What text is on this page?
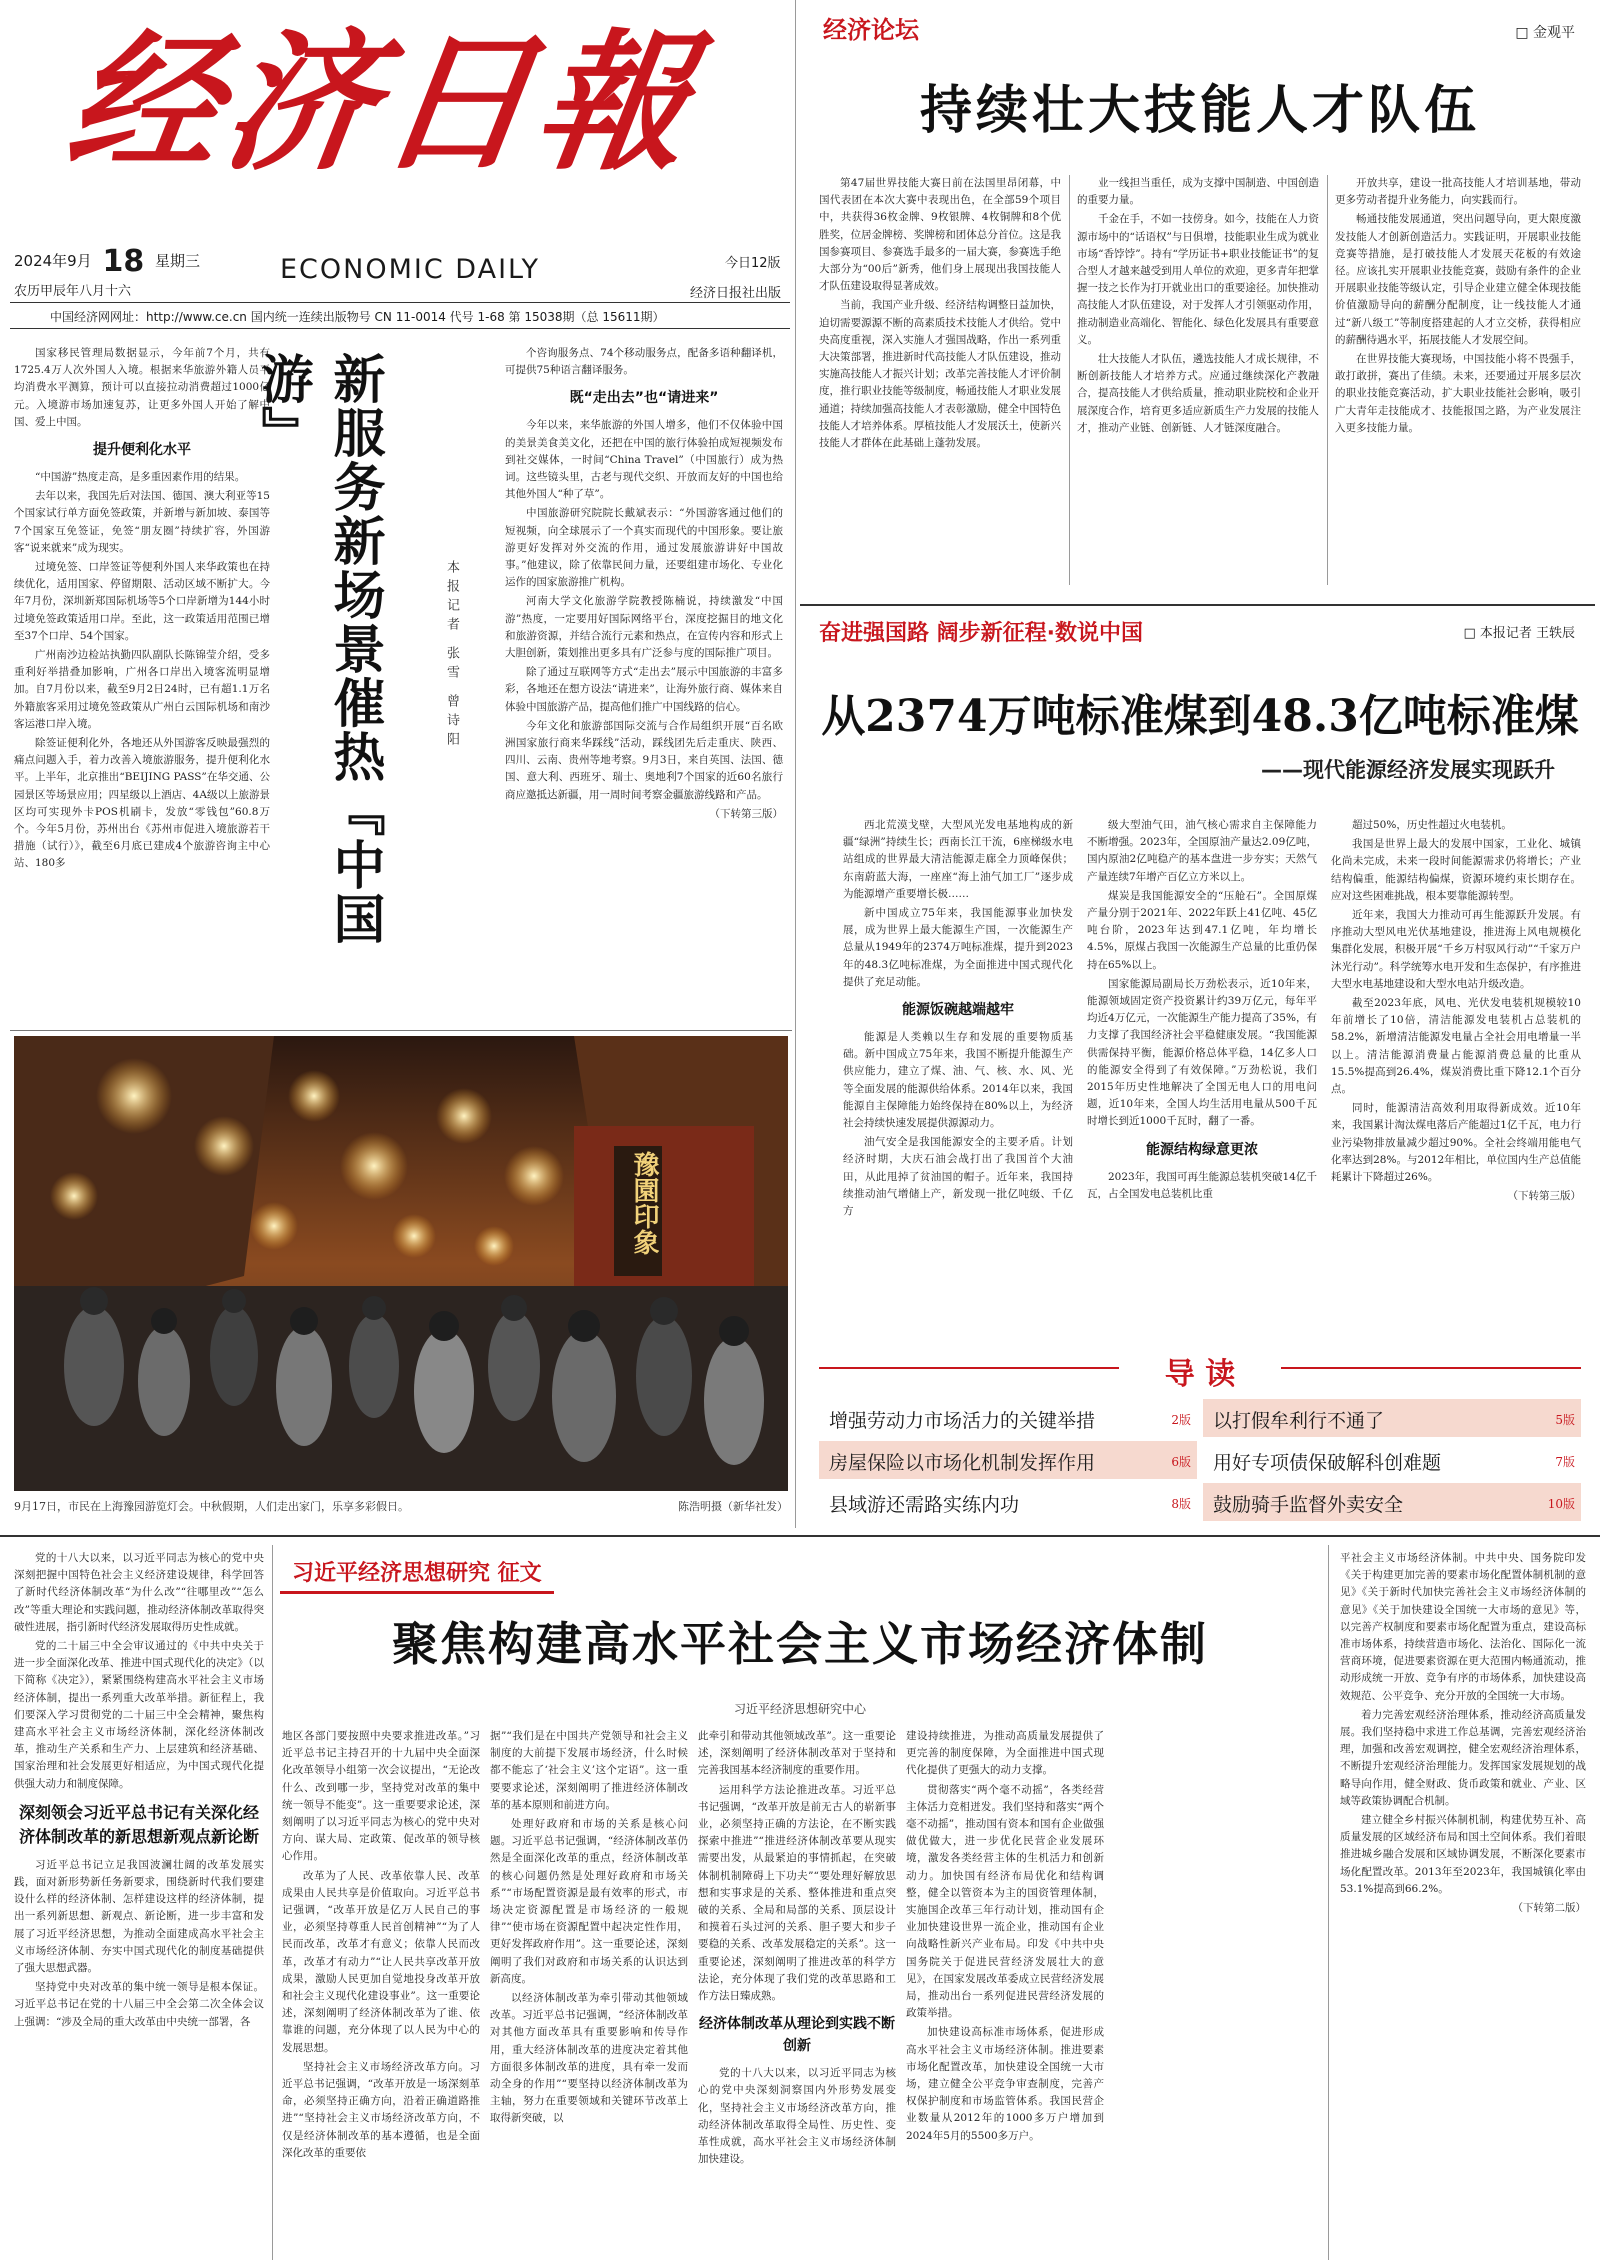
经济日報
2024年9月 18 星期三
农历甲辰年八月十六
ECONOMIC DAILY	今日12版
经济日报社出版
中国经济网网址：http://www.ce.cn 国内统一连续出版物号 CN 11-0014 代号 1-68 第 15038期（总 15611期）

国家移民管理局数据显示，今年前7个月，共有1725.4万人次外国人入境。根据来华旅游外籍人员平均消费水平测算，预计可以直接拉动消费超过1000亿元。入境游市场加速复苏，让更多外国人开始了解中国、爱上中国。

提升便利化水平

“中国游”热度走高，是多重因素作用的结果。

去年以来，我国先后对法国、德国、澳大利亚等15个国家试行单方面免签政策，并新增与新加坡、泰国等7个国家互免签证，免签“朋友圈”持续扩容，外国游客“说来就来”成为现实。

过境免签、口岸签证等便利外国人来华政策也在持续优化，适用国家、停留期限、活动区域不断扩大。今年7月份，深圳新郑国际机场等5个口岸新增为144小时过境免签政策适用口岸。至此，这一政策适用范围已增至37个口岸、54个国家。

广州南沙边检站执勤四队副队长陈锦莹介绍，受多重利好举措叠加影响，广州各口岸出入境客流明显增加。自7月份以来，截至9月2日24时，已有超1.1万名外籍旅客采用过境免签政策从广州白云国际机场和南沙客运港口岸入境。

除签证便利化外，各地还从外国游客反映最强烈的痛点问题入手，着力改善入境旅游服务，提升便利化水平。上半年，北京推出“BEIJING PASS”在华交通、公园景区等场景应用；四星级以上酒店、4A级以上旅游景区均可实现外卡POS机刷卡，发放“零钱包”60.8万个。今年5月份，苏州出台《苏州市促进入境旅游若干措施（试行）》，截至6月底已建成4个旅游咨询主中心站、180多	新服务新场景催热『中国游』
本报记者 张雪 曾诗阳

个咨询服务点、74个移动服务点，配备多语种翻译机，可提供75种语言翻译服务。

既“走出去”也“请进来”

今年以来，来华旅游的外国人增多，他们不仅体验中国的美景美食美文化，还把在中国的旅行体验拍成短视频发布到社交媒体，一时间“China Travel”（中国旅行）成为热词。这些镜头里，古老与现代交织、开放而友好的中国也给其他外国人“种了草”。

中国旅游研究院院长戴斌表示：“外国游客通过他们的短视频，向全球展示了一个真实而现代的中国形象。要让旅游更好发挥对外交流的作用，通过发展旅游讲好中国故事。”他建议，除了依靠民间力量，还要组建市场化、专业化运作的国家旅游推广机构。

河南大学文化旅游学院教授陈楠说，持续激发“中国游”热度，一定要用好国际网络平台，深度挖掘目的地文化和旅游资源，并结合流行元素和热点，在宣传内容和形式上大胆创新，策划推出更多具有广泛参与度的国际推广项目。

除了通过互联网等方式“走出去”展示中国旅游的丰富多彩，各地还在想方设法“请进来”，让海外旅行商、媒体来自体验中国旅游产品，提高他们推广中国线路的信心。

今年文化和旅游部国际交流与合作局组织开展“百名欧洲国家旅行商来华踩线”活动，踩线团先后走重庆、陕西、四川、云南、贵州等地考察。9月3日，来自英国、法国、德国、意大利、西班牙、瑞士、奥地利7个国家的近60名旅行商应邀抵达新疆，用一周时间考察金疆旅游线路和产品。

（下转第三版）
豫園印象
9月17日，市民在上海豫园游览灯会。中秋假期，人们走出家门，乐享多彩假日。	陈浩明摄（新华社发）
经济论坛	□ 金观平
持续壮大技能人才队伍

第47届世界技能大赛日前在法国里昂闭幕，中国代表团在本次大赛中表现出色，在全部59个项目中，共获得36枚金牌、9枚银牌、4枚铜牌和8个优胜奖，位居金牌榜、奖牌榜和团体总分首位。这是我国参赛项目、参赛选手最多的一届大赛，参赛选手绝大部分为“00后”新秀，他们身上展现出我国技能人才队伍建设取得显著成效。

当前，我国产业升级、经济结构调整日益加快，迫切需要源源不断的高素质技术技能人才供给。党中央高度重视，深入实施人才强国战略，作出一系列重大决策部署，推进新时代高技能人才队伍建设，推动实施高技能人才振兴计划；改革完善技能人才评价制度，推行职业技能等级制度，畅通技能人才职业发展通道；持续加强高技能人才表彰激励，健全中国特色技能人才培养体系。厚植技能人才发展沃土，使新兴技能人才群体在此基础上蓬勃发展。

业一线担当重任，成为支撑中国制造、中国创造的重要力量。

千金在手，不如一技傍身。如今，技能在人力资源市场中的“话语权”与日俱增，技能职业生成为就业市场“香饽饽”。持有“学历证书+职业技能证书”的复合型人才越来越受到用人单位的欢迎，更多青年把掌握一技之长作为打开就业出口的重要途径。加快推动高技能人才队伍建设，对于发挥人才引领驱动作用，推动制造业高端化、智能化、绿色化发展具有重要意义。

壮大技能人才队伍，遴选技能人才成长规律，不断创新技能人才培养方式。应通过继续深化产教融合，提高技能人才供给质量，推动职业院校和企业开展深度合作，培育更多适应新质生产力发展的技能人才，推动产业链、创新链、人才链深度融合。

开放共享，建设一批高技能人才培训基地，带动更多劳动者提升业务能力，向实践而行。

畅通技能发展通道，突出问题导向，更大限度激发技能人才创新创造活力。实践证明，开展职业技能竞赛等措施，是打破技能人才发展天花板的有效途径。应该扎实开展职业技能竞赛，鼓励有条件的企业开展职业技能等级认定，引导企业建立健全体现技能价值激励导向的薪酬分配制度，让一线技能人才通过“新八级工”等制度搭建起的人才立交桥，获得相应的薪酬待遇水平，拓展技能人才发展空间。

在世界技能大赛现场，中国技能小将不畏强手，敢打敢拼，赛出了佳绩。未来，还要通过开展多层次的职业技能竞赛活动，扩大职业技能社会影响，吸引广大青年走技能成才、技能报国之路，为产业发展注入更多技能力量。

奋进强国路 阔步新征程·数说中国	□ 本报记者 王轶辰
从2374万吨标准煤到48.3亿吨标准煤
——现代能源经济发展实现跃升

西北荒漠戈壁，大型风光发电基地构成的新疆“绿洲”持续生长；西南长江干流，6座梯级水电站组成的世界最大清洁能源走廊全力顶峰保供；东南蔚蓝大海，一座座“海上油气加工厂”逐步成为能源增产重要增长极……

新中国成立75年来，我国能源事业加快发展，成为世界上最大能源生产国，一次能源生产总量从1949年的2374万吨标准煤，提升到2023年的48.3亿吨标准煤，为全面推进中国式现代化提供了充足动能。

能源饭碗越端越牢

能源是人类赖以生存和发展的重要物质基础。新中国成立75年来，我国不断提升能源生产供应能力，建立了煤、油、气、核、水、风、光等全面发展的能源供给体系。2014年以来，我国能源自主保障能力始终保持在80%以上，为经济社会持续快速发展提供源源动力。

油气安全是我国能源安全的主要矛盾。计划经济时期，大庆石油会战打出了我国首个大油田，从此甩掉了贫油国的帽子。近年来，我国持续推动油气增储上产，新发现一批亿吨级、千亿方

级大型油气田，油气核心需求自主保障能力不断增强。2023年，全国原油产量达2.09亿吨，国内原油2亿吨稳产的基本盘进一步夯实；天然气产量连续7年增产百亿立方米以上。

煤炭是我国能源安全的“压舱石”。全国原煤产量分别于2021年、2022年跃上41亿吨、45亿吨台阶，2023年达到47.1亿吨，年均增长4.5%，原煤占我国一次能源生产总量的比重仍保持在65%以上。

国家能源局副局长万劲松表示，近10年来，能源领域固定资产投资累计约39万亿元，每年平均近4万亿元，一次能源生产能力提高了35%，有力支撑了我国经济社会平稳健康发展。“我国能源供需保持平衡，能源价格总体平稳，14亿多人口的能源安全得到了有效保障。”万劲松说，我们2015年历史性地解决了全国无电人口的用电问题，近10年来，全国人均生活用电量从500千瓦时增长到近1000千瓦时，翻了一番。

能源结构绿意更浓

2023年，我国可再生能源总装机突破14亿千瓦，占全国发电总装机比重

超过50%，历史性超过火电装机。

我国是世界上最大的发展中国家，工业化、城镇化尚未完成，未来一段时间能源需求仍将增长；产业结构偏重，能源结构偏煤，资源环境约束长期存在。应对这些困难挑战，根本要靠能源转型。

近年来，我国大力推动可再生能源跃升发展。有序推动大型风电光伏基地建设，推进海上风电规模化集群化发展，积极开展“千乡万村驭风行动”“千家万户沐光行动”。科学统筹水电开发和生态保护，有序推进大型水电基地建设和大型水电站升级改造。

截至2023年底，风电、光伏发电装机规模较10年前增长了10倍，清洁能源发电装机占总装机的58.2%，新增清洁能源发电量占全社会用电增量一半以上。清洁能源消费量占能源消费总量的比重从15.5%提高到26.4%，煤炭消费比重下降12.1个百分点。

同时，能源清洁高效利用取得新成效。近10年来，我国累计淘汰煤电落后产能超过1亿千瓦，电力行业污染物排放量减少超过90%。全社会终端用能电气化率达到28%。与2012年相比，单位国内生产总值能耗累计下降超过26%。

（下转第三版）
导 读
增强劳动力市场活力的关键举措	2版 以打假牟利行不通了	5版
房屋保险以市场化机制发挥作用	6版 用好专项债保破解科创难题	7版
县域游还需路实练内功	8版 鼓励骑手监督外卖安全	10版

党的十八大以来，以习近平同志为核心的党中央深刻把握中国特色社会主义经济建设规律，科学回答了新时代经济体制改革“为什么改”“往哪里改”“怎么改”等重大理论和实践问题，推动经济体制改革取得突破性进展，指引新时代经济发展取得历史性成就。

党的二十届三中全会审议通过的《中共中央关于进一步全面深化改革、推进中国式现代化的决定》（以下简称《决定》），紧紧围绕构建高水平社会主义市场经济体制，提出一系列重大改革举措。新征程上，我们要深入学习贯彻党的二十届三中全会精神，聚焦构建高水平社会主义市场经济体制，深化经济体制改革，推动生产关系和生产力、上层建筑和经济基础、国家治理和社会发展更好相适应，为中国式现代化提供强大动力和制度保障。

深刻领会习近平总书记有关深化经济体制改革的新思想新观点新论断

习近平总书记立足我国波澜壮阔的改革发展实践，面对新形势新任务新要求，围绕新时代我们要建设什么样的经济体制、怎样建设这样的经济体制，提出一系列新思想、新观点、新论断，进一步丰富和发展了习近平经济思想，为推动全面建成高水平社会主义市场经济体制、夯实中国式现代化的制度基础提供了强大思想武器。

坚持党中央对改革的集中统一领导是根本保证。习近平总书记在党的十八届三中全会第二次全体会议上强调：“涉及全局的重大改革由中央统一部署，各

习近平经济思想研究 征文
聚焦构建高水平社会主义市场经济体制
习近平经济思想研究中心

地区各部门要按照中央要求推进改革。”习近平总书记主持召开的十九届中央全面深化改革领导小组第一次会议提出，“无论改什么、改到哪一步，坚持党对改革的集中统一领导不能变”。这一重要要求论述，深刻阐明了以习近平同志为核心的党中央对方向、谋大局、定政策、促改革的领导核心作用。

改革为了人民、改革依靠人民、改革成果由人民共享是价值取向。习近平总书记强调，“改革开放是亿万人民自己的事业，必须坚持尊重人民首创精神”“为了人民而改革，改革才有意义；依靠人民而改革，改革才有动力”“让人民共享改革开放成果，激励人民更加自觉地投身改革开放和社会主义现代化建设事业”。这一重要论述，深刻阐明了经济体制改革为了谁、依靠谁的问题，充分体现了以人民为中心的发展思想。

坚持社会主义市场经济改革方向。习近平总书记强调，“改革开放是一场深刻革命，必须坚持正确方向，沿着正确道路推进”“坚持社会主义市场经济改革方向，不仅是经济体制改革的基本遵循，也是全面深化改革的重要依

据”“我们是在中国共产党领导和社会主义制度的大前提下发展市场经济，什么时候都不能忘了‘社会主义’这个定语”。这一重要要求论述，深刻阐明了推进经济体制改革的基本原则和前进方向。

处理好政府和市场的关系是核心问题。习近平总书记强调，“经济体制改革仍然是全面深化改革的重点，经济体制改革的核心问题仍然是处理好政府和市场关系”“市场配置资源是最有效率的形式，市场决定资源配置是市场经济的一般规律”“使市场在资源配置中起决定性作用，更好发挥政府作用”。这一重要论述，深刻阐明了我们对政府和市场关系的认识达到新高度。

以经济体制改革为牵引带动其他领域改革。习近平总书记强调，“经济体制改革对其他方面改革具有重要影响和传导作用，重大经济体制改革的进度决定着其他方面很多体制改革的进度，具有牵一发而动全身的作用”“要坚持以经济体制改革为主轴，努力在重要领域和关键环节改革上取得新突破，以

此牵引和带动其他领域改革”。这一重要论述，深刻阐明了经济体制改革对于坚持和完善我国基本经济制度的重要作用。

运用科学方法论推进改革。习近平总书记强调，“改革开放是前无古人的崭新事业，必须坚持正确的方法论，在不断实践探索中推进”“推进经济体制改革要从现实需要出发，从最紧迫的事情抓起，在突破体制机制障碍上下功夫”“要处理好解放思想和实事求是的关系、整体推进和重点突破的关系、全局和局部的关系、顶层设计和摸着石头过河的关系、胆子要大和步子要稳的关系、改革发展稳定的关系”。这一重要论述，深刻阐明了推进改革的科学方法论，充分体现了我们党的改革思路和工作方法日臻成熟。

经济体制改革从理论到实践不断创新

党的十八大以来，以习近平同志为核心的党中央深刻洞察国内外形势发展变化，坚持社会主义市场经济改革方向，推动经济体制改革取得全局性、历史性、变革性成就，高水平社会主义市场经济体制加快建设。

建设持续推进，为推动高质量发展提供了更完善的制度保障，为全面推进中国式现代化提供了更强大的动力支撑。

贯彻落实“两个毫不动摇”，各类经营主体活力竞相迸发。我们坚持和落实“两个毫不动摇”，推动国有资本和国有企业做强做优做大，进一步优化民营企业发展环境，激发各类经营主体的生机活力和创新动力。加快国有经济布局优化和结构调整，健全以管资本为主的国资管理体制，实施国企改革三年行动计划，推动国有企业加快建设世界一流企业，推动国有企业向战略性新兴产业布局。印发《中共中央 国务院关于促进民营经济发展壮大的意见》，在国家发展改革委成立民营经济发展局，推动出台一系列促进民营经济发展的政策举措。

加快建设高标准市场体系，促进形成高水平社会主义市场经济体制。推进要素市场化配置改革，加快建设全国统一大市场，建立健全公平竞争审查制度，完善产权保护制度和市场监管体系。我国民营企业数量从2012年的1000多万户增加到2024年5月的5500多万户。

平社会主义市场经济体制。中共中央、国务院印发《关于构建更加完善的要素市场化配置体制机制的意见》《关于新时代加快完善社会主义市场经济体制的意见》《关于加快建设全国统一大市场的意见》等，以完善产权制度和要素市场化配置为重点，建设高标准市场体系，持续营造市场化、法治化、国际化一流营商环境，促进要素资源在更大范围内畅通流动，推动形成统一开放、竞争有序的市场体系，加快建设高效规范、公平竞争、充分开放的全国统一大市场。

着力完善宏观经济治理体系，推动经济高质量发展。我们坚持稳中求进工作总基调，完善宏观经济治理，加强和改善宏观调控，健全宏观经济治理体系，不断提升宏观经济治理能力。发挥国家发展规划的战略导向作用，健全财政、货币政策和就业、产业、区域等政策协调配合机制。

建立健全乡村振兴体制机制，构建优势互补、高质量发展的区域经济布局和国土空间体系。我们着眼推进城乡融合发展和区域协调发展，不断深化要素市场化配置改革。2013年至2023年，我国城镇化率由53.1%提高到66.2%。

（下转第二版）
